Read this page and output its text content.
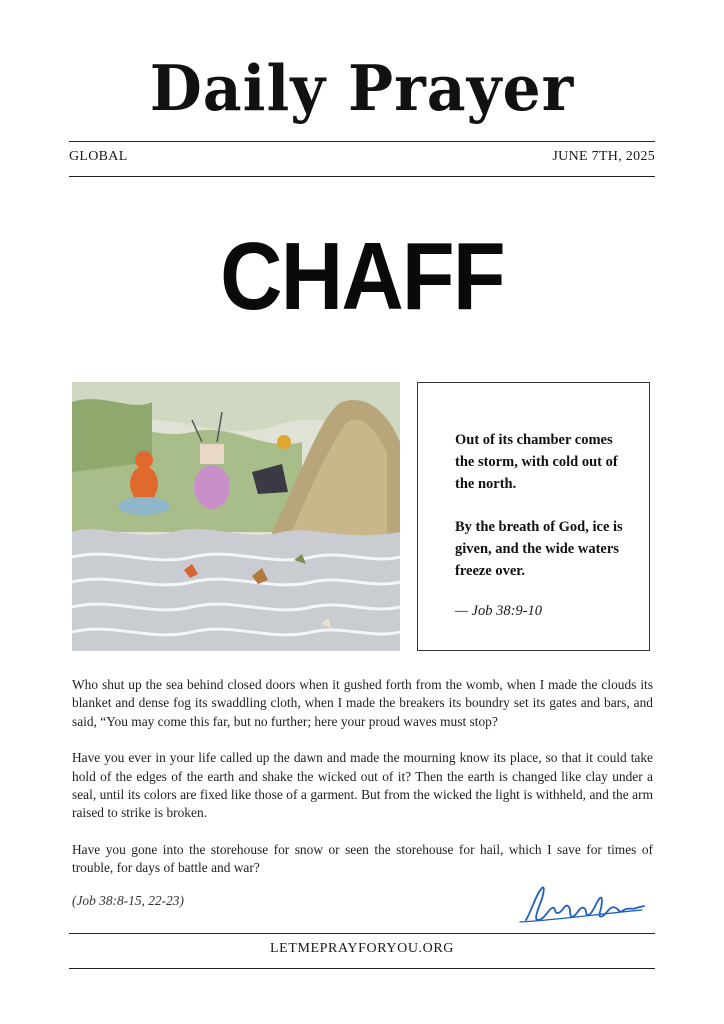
Daily Prayer
GLOBAL	JUNE 7TH, 2025
CHAFF

Out of its chamber comes the storm, with cold out of the north.

By the breath of God, ice is given, and the wide waters freeze over.

— Job 38:9-10

Who shut up the sea behind closed doors when it gushed forth from the womb, when I made the clouds its blanket and dense fog its swaddling cloth, when I made the breakers its boundry set its gates and bars, and said, “You may come this far, but no further; here your proud waves must stop?

Have you ever in your life called up the dawn and made the mourning know its place, so that it could take hold of the edges of the earth and shake the wicked out of it? Then the earth is changed like clay under a seal, until its colors are fixed like those of a garment. But from the wicked the light is withheld, and the arm raised to strike is broken.

Have you gone into the storehouse for snow or seen the storehouse for hail, which I save for times of trouble, for days of battle and war?

(Job 38:8-15, 22-23)
LETMEPRAYFORYOU.ORG
